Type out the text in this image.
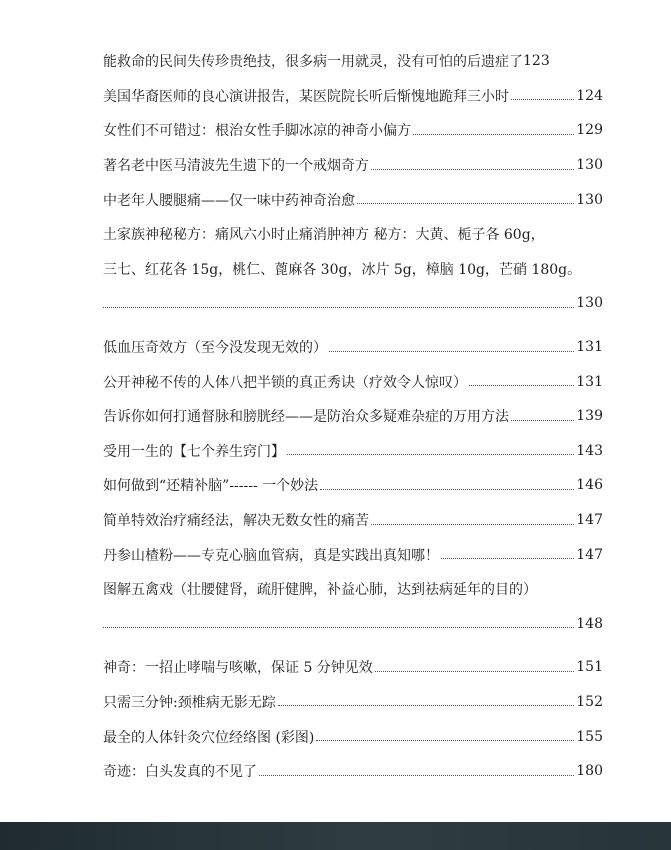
能救命的民间失传珍贵绝技，很多病一用就灵，没有可怕的后遗症了 123
美国华裔医师的良心演讲报告，某医院院长听后惭愧地跪拜三小时	124
女性们不可错过：根治女性手脚冰凉的神奇小偏方	129
著名老中医马清波先生遗下的一个戒烟奇方	130
中老年人腰腿痛——仅一味中药神奇治愈	130
土家族神秘秘方：痛风六小时止痛消肿神方 秘方：大黄、栀子各 60g，
三七、红花各 15g，桃仁、蓖麻各 30g，冰片 5g，樟脑 10g，芒硝 180g。
130
低血压奇效方（至今没发现无效的）	131
公开神秘不传的人体八把半锁的真正秀诀（疗效令人惊叹）	131
告诉你如何打通督脉和膀胱经——是防治众多疑难杂症的万用方法	139
受用一生的【七个养生窍门】	143
如何做到“还精补脑”------ 一个妙法	146
简单特效治疗痛经法，解决无数女性的痛苦	147
丹参山楂粉——专克心脑血管病，真是实践出真知哪！	147
图解五禽戏（壮腰健肾，疏肝健脾，补益心肺，达到祛病延年的目的）
148
神奇：一招止哮喘与咳嗽，保证 5 分钟见效	151
只需三分钟:颈椎病无影无踪	152
最全的人体针灸穴位经络图 (彩图)	155
奇迹：白头发真的不见了	180
